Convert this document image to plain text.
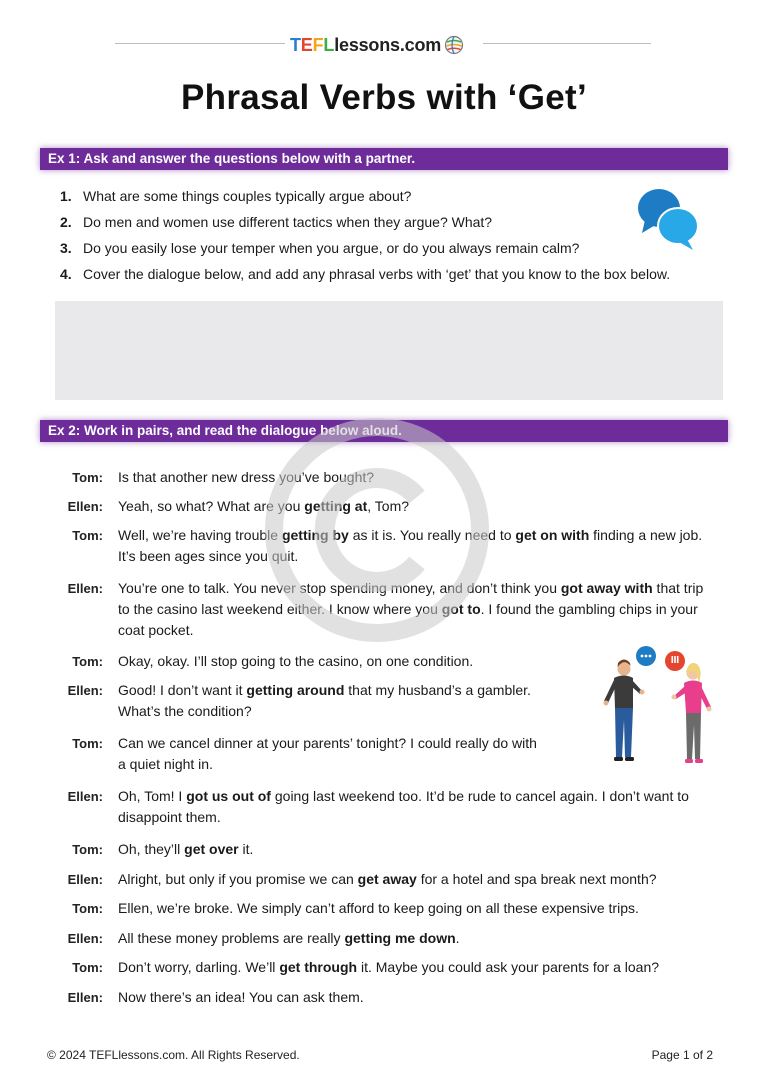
T E F L lessons.com
Phrasal Verbs with ‘Get’
Ex 1: Ask and answer the questions below with a partner.
1. What are some things couples typically argue about?
2. Do men and women use different tactics when they argue? What?
3. Do you easily lose your temper when you argue, or do you always remain calm?
4. Cover the dialogue below, and add any phrasal verbs with ‘get’ that you know to the box below.
Ex 2: Work in pairs, and read the dialogue below aloud.
Tom: Is that another new dress you’ve bought?
Ellen: Yeah, so what? What are you getting at, Tom?
Tom: Well, we’re having trouble getting by as it is. You really need to get on with finding a new job.
It’s been ages since you quit.
Ellen: You’re one to talk. You never stop spending money, and don’t think you got away with that trip
to the casino last weekend either. I know where you got to. I found the gambling chips in your
coat pocket.
Tom: Okay, okay. I’ll stop going to the casino, on one condition.
Ellen: Good! I don’t want it getting around that my husband’s a gambler.
What’s the condition?
Tom: Can we cancel dinner at your parents’ tonight? I could really do with
a quiet night in.
Ellen: Oh, Tom! I got us out of going last weekend too. It’d be rude to cancel again. I don’t want to
disappoint them.
Tom: Oh, they’ll get over it.
Ellen: Alright, but only if you promise we can get away for a hotel and spa break next month?
Tom: Ellen, we’re broke. We simply can’t afford to keep going on all these expensive trips.
Ellen: All these money problems are really getting me down.
Tom: Don’t worry, darling. We’ll get through it. Maybe you could ask your parents for a loan?
Ellen: Now there’s an idea! You can ask them.
© 2024 TEFLlessons.com. All Rights Reserved.	Page 1 of 2
